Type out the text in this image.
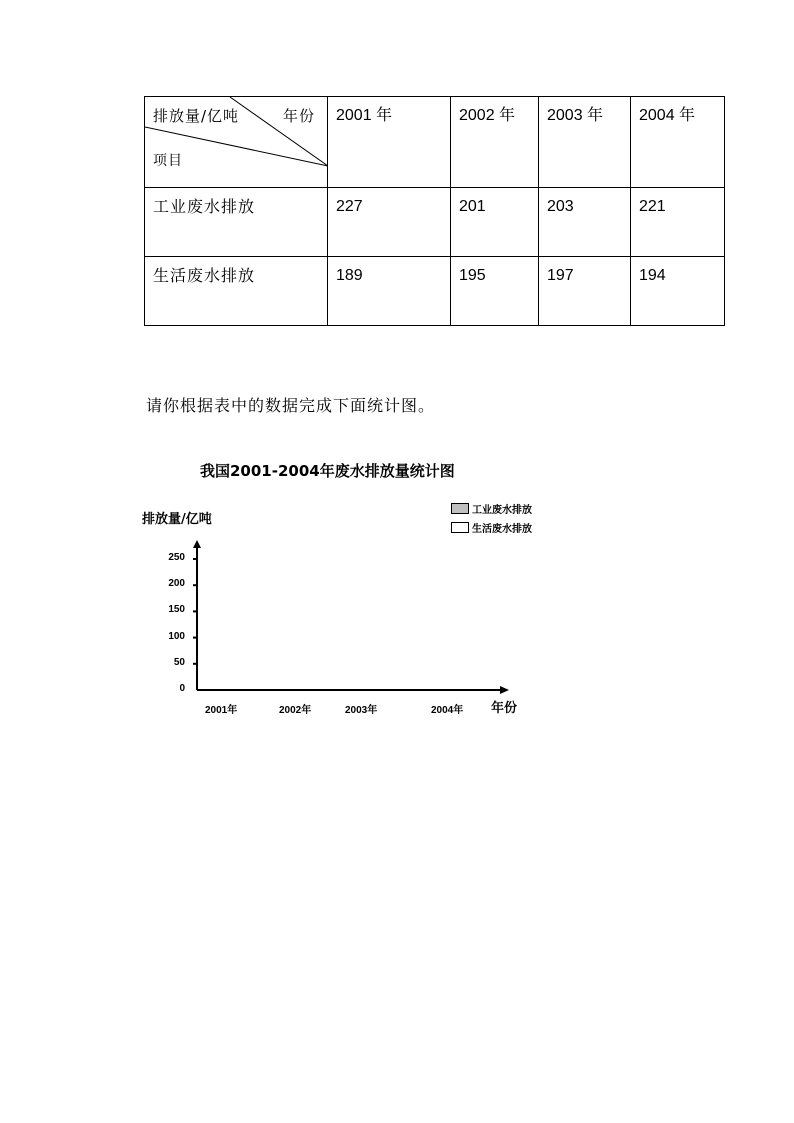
排放量/亿吨 年份
项目	2001 年	2002 年	2003 年	2004 年

工业废水排放	227	201	203	221

生活废水排放	189	195	197	194
请你根据表中的数据完成下面统计图。
我国2001-2004年废水排放量统计图
排放量/亿吨
年份
工业废水排放
生活废水排放
0
50
100
150
200
250
2001年	2002年	2003年	2004年
